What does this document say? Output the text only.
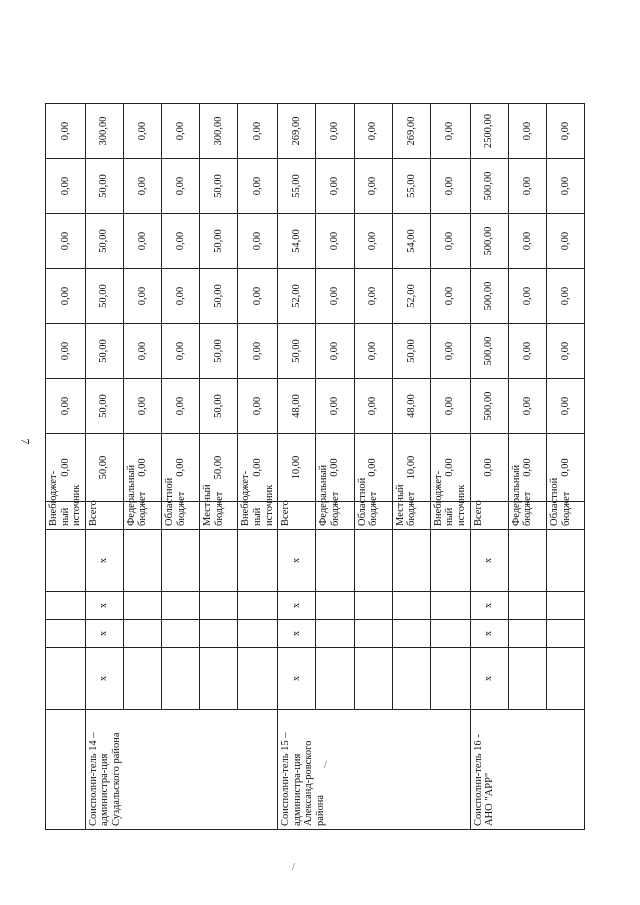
7
					Внебюджет-ный источник	0,00	0,00	0,00	0,00	0,00	0,00	0,00
Соисполни-тель 14 – администра-ция Суздальского района	х	х	х	х	Всего	50,00	50,00	50,00	50,00	50,00	50,00	300,00
					Федеральный бюджет	0,00	0,00	0,00	0,00	0,00	0,00	0,00
					Областной бюджет	0,00	0,00	0,00	0,00	0,00	0,00	0,00
					Местный бюджет	50,00	50,00	50,00	50,00	50,00	50,00	300,00
					Внебюджет-ный источник	0,00	0,00	0,00	0,00	0,00	0,00	0,00
Соисполни-тель 15 – администра-ция Александ-ровского района	х	х	х	х	Всего	10,00	48,00	50,00	52,00	54,00	55,00	269,00
					Федеральный бюджет	0,00	0,00	0,00	0,00	0,00	0,00	0,00
					Областной бюджет	0,00	0,00	0,00	0,00	0,00	0,00	0,00
					Местный бюджет	10,00	48,00	50,00	52,00	54,00	55,00	269,00
					Внебюджет-ный источник	0,00	0,00	0,00	0,00	0,00	0,00	0,00
Соисполни-тель 16 - АНО "АРР"	х	х	х	х	Всего	0,00	500,00	500,00	500,00	500,00	500,00	2500,00
					Федеральный бюджет	0,00	0,00	0,00	0,00	0,00	0,00	0,00
					Областной бюджет	0,00	0,00	0,00	0,00	0,00	0,00	0,00
/
/
